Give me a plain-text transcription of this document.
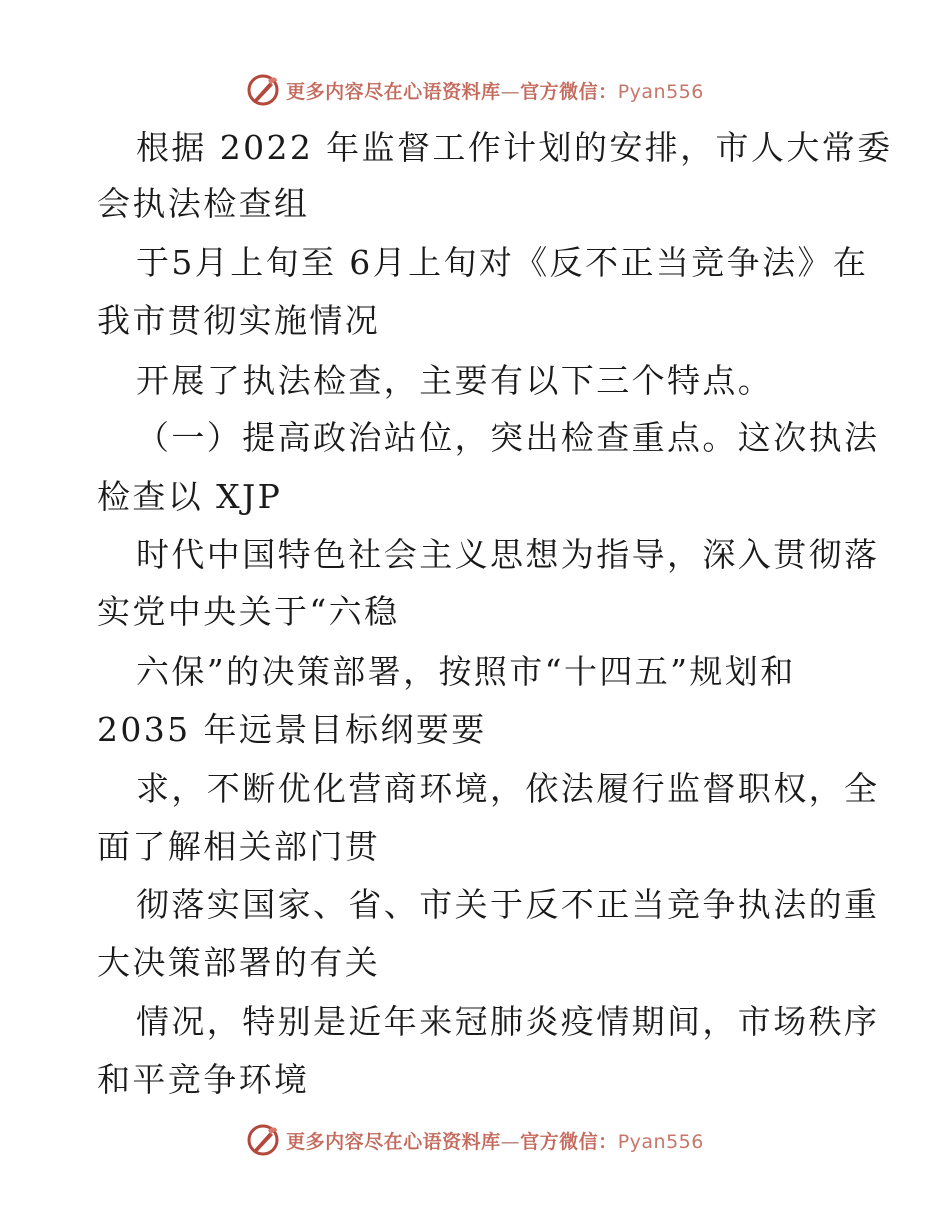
更多内容尽在心语资料库—官方微信：Pyan556
根据 2022 年监督工作计划的安排，市人大常委
会执法检查组
于5月上旬至 6月上旬对《反不正当竞争法》在
我市贯彻实施情况
开展了执法检查，主要有以下三个特点。
（一）提高政治站位，突出检查重点。这次执法
检查以 XJP
时代中国特色社会主义思想为指导，深入贯彻落
实党中央关于“六稳
六保”的决策部署，按照市“十四五”规划和
2035 年远景目标纲要要
求，不断优化营商环境，依法履行监督职权，全
面了解相关部门贯
彻落实国家、省、市关于反不正当竞争执法的重
大决策部署的有关
情况，特别是近年来冠肺炎疫情期间，市场秩序
和平竞争环境
更多内容尽在心语资料库—官方微信：Pyan556
